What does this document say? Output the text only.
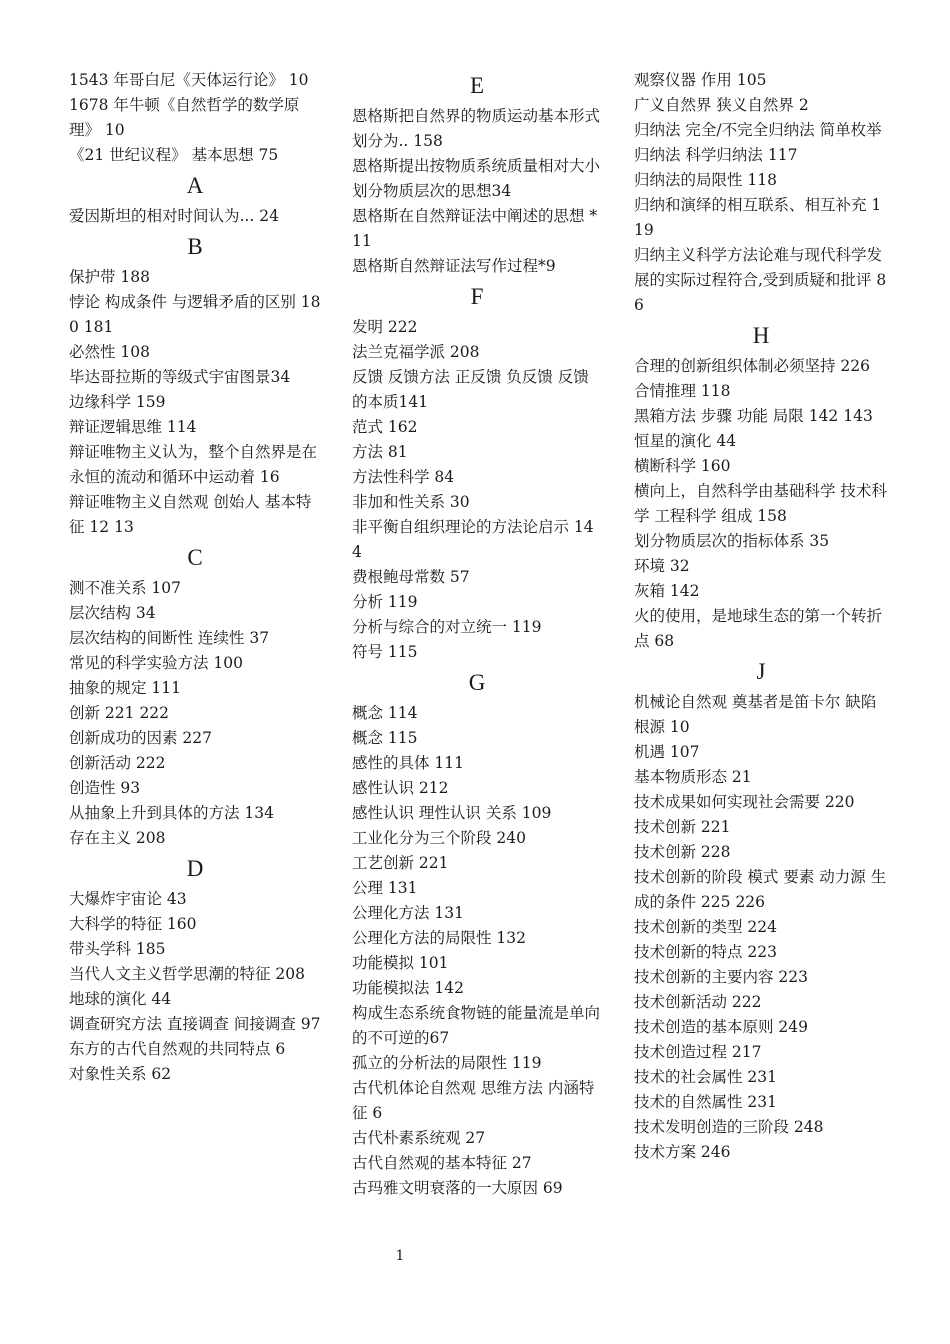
1543 年哥白尼《天体运行论》 10

1678 年牛顿《自然哲学的数学原理》 10

《21 世纪议程》 基本思想 75

A

爱因斯坦的相对时间认为... 24

B

保护带 188

悖论 构成条件 与逻辑矛盾的区别 180 181

必然性 108

毕达哥拉斯的等级式宇宙图景34

边缘科学 159

辩证逻辑思维 114

辩证唯物主义认为，整个自然界是在永恒的流动和循环中运动着 16

辩证唯物主义自然观 创始人 基本特征 12 13

C

测不准关系 107

层次结构 34

层次结构的间断性 连续性 37

常见的科学实验方法 100

抽象的规定 111

创新 221 222

创新成功的因素 227

创新活动 222

创造性 93

从抽象上升到具体的方法 134

存在主义 208

D

大爆炸宇宙论 43

大科学的特征 160

带头学科 185

当代人文主义哲学思潮的特征 208

地球的演化 44

调查研究方法 直接调查 间接调查 97

东方的古代自然观的共同特点 6

对象性关系 62

E

恩格斯把自然界的物质运动基本形式划分为.. 158

恩格斯提出按物质系统质量相对大小划分物质层次的思想34

恩格斯在自然辩证法中阐述的思想 *11

恩格斯自然辩证法写作过程*9

F

发明 222

法兰克福学派 208

反馈 反馈方法 正反馈 负反馈 反馈的本质141

范式 162

方法 81

方法性科学 84

非加和性关系 30

非平衡自组织理论的方法论启示 144

费根鲍母常数 57

分析 119

分析与综合的对立统一 119

符号 115

G

概念 114

概念 115

感性的具体 111

感性认识 212

感性认识 理性认识 关系 109

工业化分为三个阶段 240

工艺创新 221

公理 131

公理化方法 131

公理化方法的局限性 132

功能模拟 101

功能模拟法 142

构成生态系统食物链的能量流是单向的不可逆的67

孤立的分析法的局限性 119

古代机体论自然观 思维方法 内涵特征 6

古代朴素系统观 27

古代自然观的基本特征 27

古玛雅文明衰落的一大原因 69

观察仪器 作用 105

广义自然界 狭义自然界 2

归纳法 完全/不完全归纳法 简单枚举归纳法 科学归纳法 117

归纳法的局限性 118

归纳和演绎的相互联系、相互补充 119

归纳主义科学方法论难与现代科学发展的实际过程符合,受到质疑和批评 86

H

合理的创新组织体制必须坚持 226

合情推理 118

黑箱方法 步骤 功能 局限 142 143

恒星的演化 44

横断科学 160

横向上，自然科学由基础科学 技术科学 工程科学 组成 158

划分物质层次的指标体系 35

环境 32

灰箱 142

火的使用，是地球生态的第一个转折点 68

J

机械论自然观 奠基者是笛卡尔 缺陷 根源 10

机遇 107

基本物质形态 21

技术成果如何实现社会需要 220

技术创新 221

技术创新 228

技术创新的阶段 模式 要素 动力源 生成的条件 225 226

技术创新的类型 224

技术创新的特点 223

技术创新的主要内容 223

技术创新活动 222

技术创造的基本原则 249

技术创造过程 217

技术的社会属性 231

技术的自然属性 231

技术发明创造的三阶段 248

技术方案 246

1
